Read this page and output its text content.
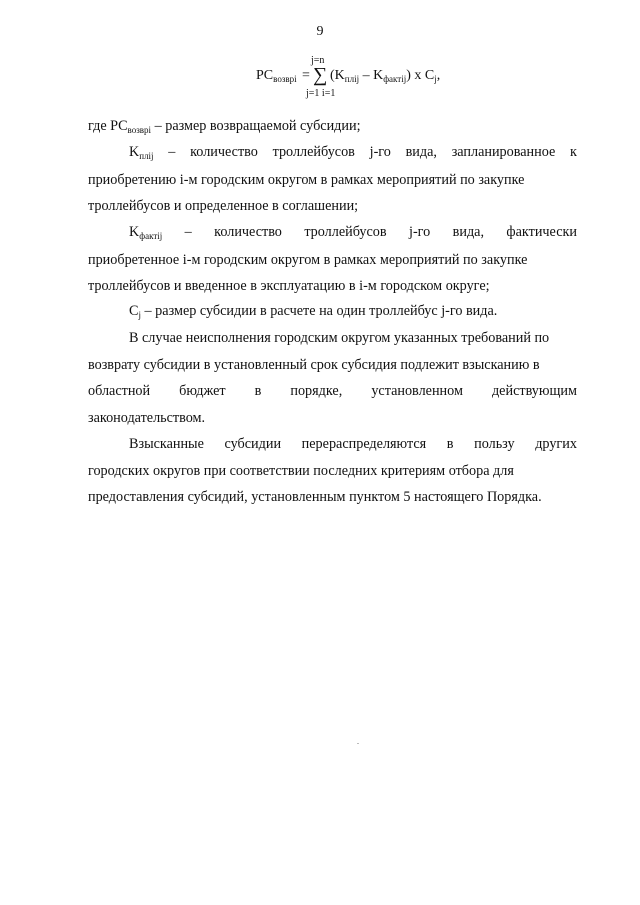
9
j=n
$PC_{возврi}$ = ∑ $(K_{плij} - K_{фактij})$ x $C_j$,
j=1 i=1

где $PC_{возврi}$ – размер возвращаемой субсидии;

$K_{плij}$ – количество троллейбусов j-го вида, запланированное к
приобретению i-м городским округом в рамках мероприятий по закупке
троллейбусов и определенное в соглашении;
$K_{фактij}$ – количество троллейбусов j-го вида, фактически
приобретенное i-м городским округом в рамках мероприятий по закупке
троллейбусов и введенное в эксплуатацию в i-м городском округе;

$C_j$ – размер субсидии в расчете на один троллейбус j-го вида.

В случае неисполнения городским округом указанных требований по
возврату субсидии в установленный срок субсидия подлежит взысканию в
областной бюджет в порядке, установленном действующим
законодательством.
Взысканные субсидии перераспределяются в пользу других
городских округов при соответствии последних критериям отбора для
предоставления субсидий, установленным пунктом 5 настоящего Порядка.
